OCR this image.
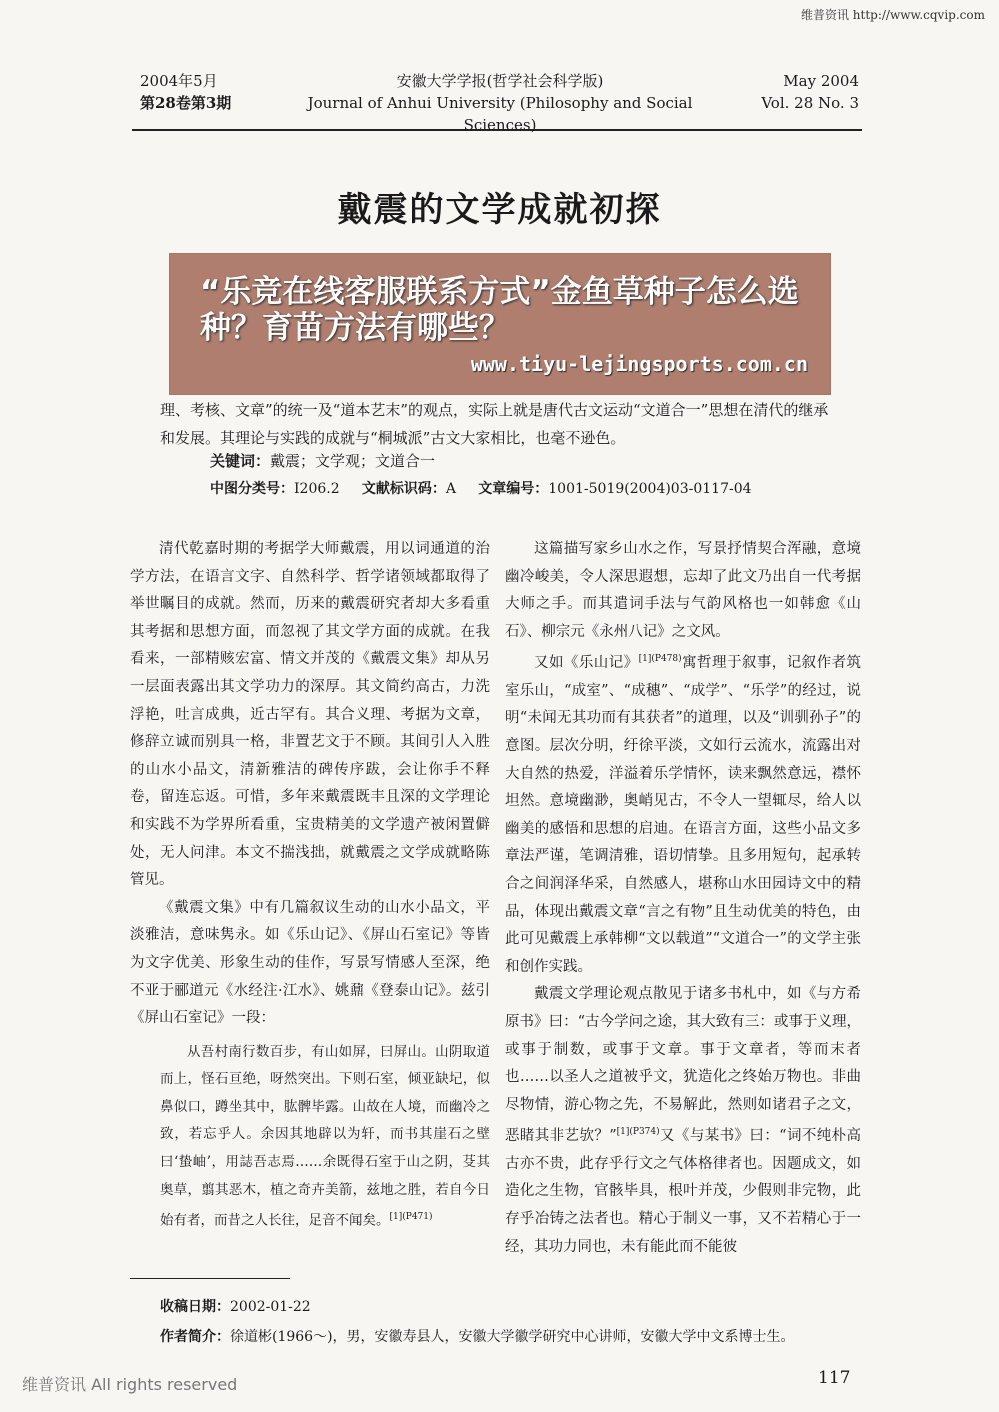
维普资讯 http://www.cqvip.com
2004年5月
第28卷第3期
安徽大学学报(哲学社会科学版)
Journal of Anhui University (Philosophy and Social Sciences)
May 2004
Vol. 28 No. 3
戴震的文学成就初探
“乐竞在线客服联系方式”金鱼草种子怎么选种？育苗方法有哪些？
www.tiyu-lejingsports.com.cn
理、考核、文章”的统一及“道本艺末”的观点，实际上就是唐代古文运动“文道合一”思想在清代的继承和发展。其理论与实践的成就与“桐城派”古文大家相比，也毫不逊色。
关键词：戴震；文学观；文道合一
中图分类号：I206.2 文献标识码：A 文章编号：1001-5019(2004)03-0117-04

清代乾嘉时期的考据学大师戴震，用以词通道的治学方法，在语言文字、自然科学、哲学诸领域都取得了举世瞩目的成就。然而，历来的戴震研究者却大多看重其考据和思想方面，而忽视了其文学方面的成就。在我看来，一部精赅宏富、情文并茂的《戴震文集》却从另一层面表露出其文学功力的深厚。其文简约高古，力洗浮艳，吐言成典，近古罕有。其合义理、考据为文章，修辞立诚而别具一格，非置艺文于不顾。其间引人入胜的山水小品文，清新雅洁的碑传序跋，会让你手不释卷，留连忘返。可惜，多年来戴震既丰且深的文学理论和实践不为学界所看重，宝贵精美的文学遗产被闲置僻处，无人问津。本文不揣浅拙，就戴震之文学成就略陈管见。

《戴震文集》中有几篇叙议生动的山水小品文，平淡雅洁，意味隽永。如《乐山记》、《屏山石室记》等皆为文字优美、形象生动的佳作，写景写情感人至深，绝不亚于郦道元《水经注·江水》、姚鼐《登泰山记》。兹引《屏山石室记》一段：

从吾村南行数百步，有山如屏，曰屏山。山阴取道而上，怪石亘绝，呀然突出。下则石室，倾亚缺圮，似鼻似口，蹲坐其中，肱髀毕露。山故在人境，而幽冷之致，若忘乎人。余因其地辟以为轩，而书其崖石之壁曰‘蛰岫’，用誌吾志焉……余既得石室于山之阴，芟其奥草，翦其恶木，植之奇卉美箭，兹地之胜，若自今日始有者，而昔之人长往，足音不闻矣。$^{[1](P471)}$

这篇描写家乡山水之作，写景抒情契合浑融，意境幽冷峻美，令人深思遐想，忘却了此文乃出自一代考据大师之手。而其遣词手法与气韵风格也一如韩愈《山石》、柳宗元《永州八记》之文风。

又如《乐山记》$^{[1](P478)}$寓哲理于叙事，记叙作者筑室乐山，“成室”、“成穗”、“成学”、“乐学”的经过，说明“未闻无其功而有其获者”的道理，以及“训驯孙子”的意图。层次分明，纡徐平淡，文如行云流水，流露出对大自然的热爱，洋溢着乐学情怀，读来飘然意远，襟怀坦然。意境幽渺，奥峭见古，不令人一望辄尽，给人以幽美的感悟和思想的启迪。在语言方面，这些小品文多章法严谨，笔调清雅，语切情挚。且多用短句，起承转合之间润泽华采，自然感人，堪称山水田园诗文中的精品，体现出戴震文章“言之有物”且生动优美的特色，由此可见戴震上承韩柳“文以载道”“文道合一”的文学主张和创作实践。

戴震文学理论观点散见于诸多书札中，如《与方希原书》曰：“古今学问之途，其大致有三：或事于义理，或事于制数，或事于文章。事于文章者，等而末者也……以圣人之道被乎文，犹造化之终始万物也。非曲尽物情，游心物之先，不易解此，然则如诸君子之文，恶睹其非艺欤？”$^{[1](P374)}$又《与某书》曰：“词不纯朴高古亦不贵，此存乎行文之气体格律者也。因题成文，如造化之生物，官骸毕具，根叶并茂，少假则非完物，此存乎冶铸之法者也。精心于制义一事，又不若精心于一经，其功力同也，未有能此而不能彼

收稿日期：2002-01-22
作者简介：徐道彬(1966～)，男，安徽寿县人，安徽大学徽学研究中心讲师，安徽大学中文系博士生。
维普资讯 All rights reserved	117
